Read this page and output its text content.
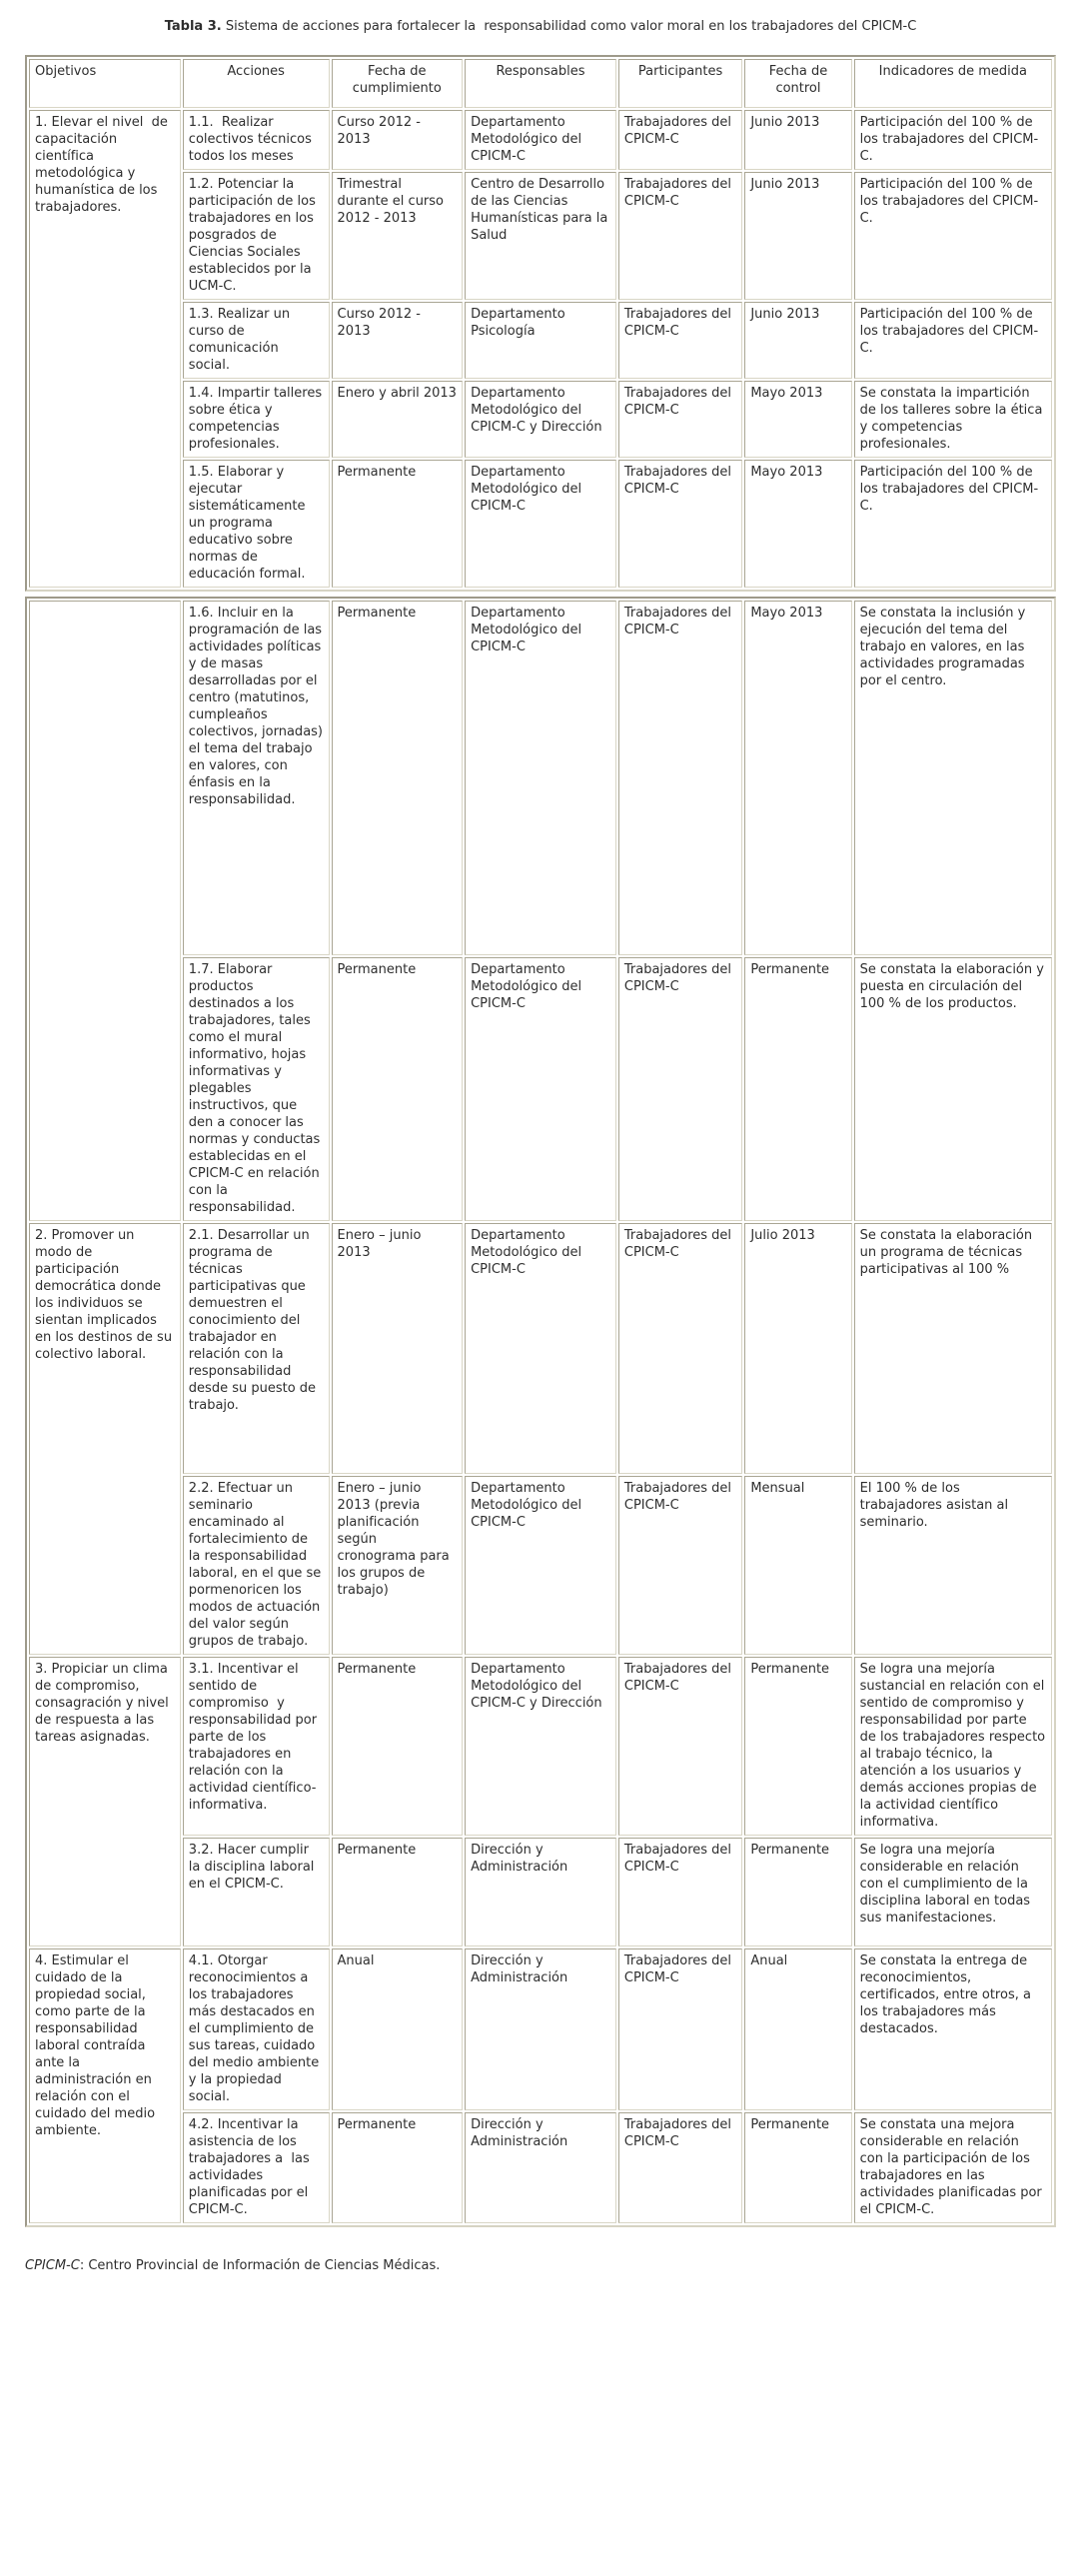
Tabla 3. Sistema de acciones para fortalecer la  responsabilidad como valor moral en los trabajadores del CPICM-C

Objetivos	Acciones	Fecha de cumplimiento	Responsables	Participantes	Fecha de control	Indicadores de medida
1. Elevar el nivel  de capacitación científica metodológica y humanística de los trabajadores.	1.1.  Realizar colectivos técnicos todos los meses	Curso 2012 - 2013	Departamento Metodológico del CPICM-C	Trabajadores del CPICM-C	Junio 2013	Participación del 100 % de los trabajadores del CPICM-C.
	1.2. Potenciar la participación de los trabajadores en los posgrados de Ciencias Sociales establecidos por la UCM-C.	Trimestral durante el curso 2012 - 2013	Centro de Desarrollo de las Ciencias Humanísticas para la Salud	Trabajadores del CPICM-C	Junio 2013	Participación del 100 % de los trabajadores del CPICM-C.
	1.3. Realizar un curso de comunicación social.	Curso 2012 - 2013	Departamento Psicología	Trabajadores del CPICM-C	Junio 2013	Participación del 100 % de los trabajadores del CPICM-C.
	1.4. Impartir talleres sobre ética y competencias profesionales.	Enero y abril 2013	Departamento Metodológico del CPICM-C y Dirección	Trabajadores del CPICM-C	Mayo 2013	Se constata la impartición de los talleres sobre la ética y competencias profesionales.
	1.5. Elaborar y ejecutar sistemáticamente un programa educativo sobre normas de educación formal.	Permanente	Departamento Metodológico del CPICM-C	Trabajadores del CPICM-C	Mayo 2013	Participación del 100 % de los trabajadores del CPICM-C.
	1.6. Incluir en la programación de las actividades políticas y de masas desarrolladas por el centro (matutinos, cumpleaños colectivos, jornadas) el tema del trabajo en valores, con énfasis en la responsabilidad.	Permanente	Departamento Metodológico del CPICM-C	Trabajadores del CPICM-C	Mayo 2013	Se constata la inclusión y ejecución del tema del trabajo en valores, en las actividades programadas por el centro.
	1.7. Elaborar productos destinados a los trabajadores, tales como el mural informativo, hojas informativas y plegables instructivos, que den a conocer las normas y conductas establecidas en el CPICM-C en relación con la responsabilidad.	Permanente	Departamento Metodológico del CPICM-C	Trabajadores del CPICM-C	Permanente	Se constata la elaboración y puesta en circulación del 100 % de los productos.
2. Promover un modo de participación democrática donde los individuos se sientan implicados en los destinos de su colectivo laboral.	2.1. Desarrollar un programa de técnicas participativas que demuestren el conocimiento del trabajador en relación con la responsabilidad desde su puesto de trabajo.	Enero – junio 2013	Departamento Metodológico del CPICM-C	Trabajadores del CPICM-C	Julio 2013	Se constata la elaboración un programa de técnicas participativas al 100 %
	2.2. Efectuar un seminario encaminado al fortalecimiento de la responsabilidad laboral, en el que se pormenoricen los modos de actuación del valor según grupos de trabajo.	Enero – junio 2013 (previa planificación según cronograma para los grupos de trabajo)	Departamento Metodológico del CPICM-C	Trabajadores del CPICM-C	Mensual	El 100 % de los trabajadores asistan al seminario.
3. Propiciar un clima de compromiso, consagración y nivel de respuesta a las tareas asignadas.	3.1. Incentivar el sentido de compromiso  y responsabilidad por parte de los trabajadores en relación con la actividad científico-informativa.	Permanente	Departamento Metodológico del CPICM-C y Dirección	Trabajadores del CPICM-C	Permanente	Se logra una mejoría sustancial en relación con el sentido de compromiso y responsabilidad por parte de los trabajadores respecto al trabajo técnico, la atención a los usuarios y demás acciones propias de la actividad científico informativa.
	3.2. Hacer cumplir la disciplina laboral en el CPICM-C.	Permanente	Dirección y Administración	Trabajadores del CPICM-C	Permanente	Se logra una mejoría considerable en relación con el cumplimiento de la disciplina laboral en todas sus manifestaciones.
4. Estimular el cuidado de la propiedad social, como parte de la responsabilidad laboral contraída ante la administración en relación con el cuidado del medio ambiente.	4.1. Otorgar reconocimientos a los trabajadores más destacados en el cumplimiento de sus tareas, cuidado del medio ambiente y la propiedad social.	Anual	Dirección y Administración	Trabajadores del CPICM-C	Anual	Se constata la entrega de reconocimientos, certificados, entre otros, a los trabajadores más destacados.
	4.2. Incentivar la asistencia de los trabajadores a  las actividades planificadas por el CPICM-C.	Permanente	Dirección y Administración	Trabajadores del CPICM-C	Permanente	Se constata una mejora considerable en relación con la participación de los trabajadores en las actividades planificadas por el CPICM-C.

CPICM-C: Centro Provincial de Información de Ciencias Médicas.
